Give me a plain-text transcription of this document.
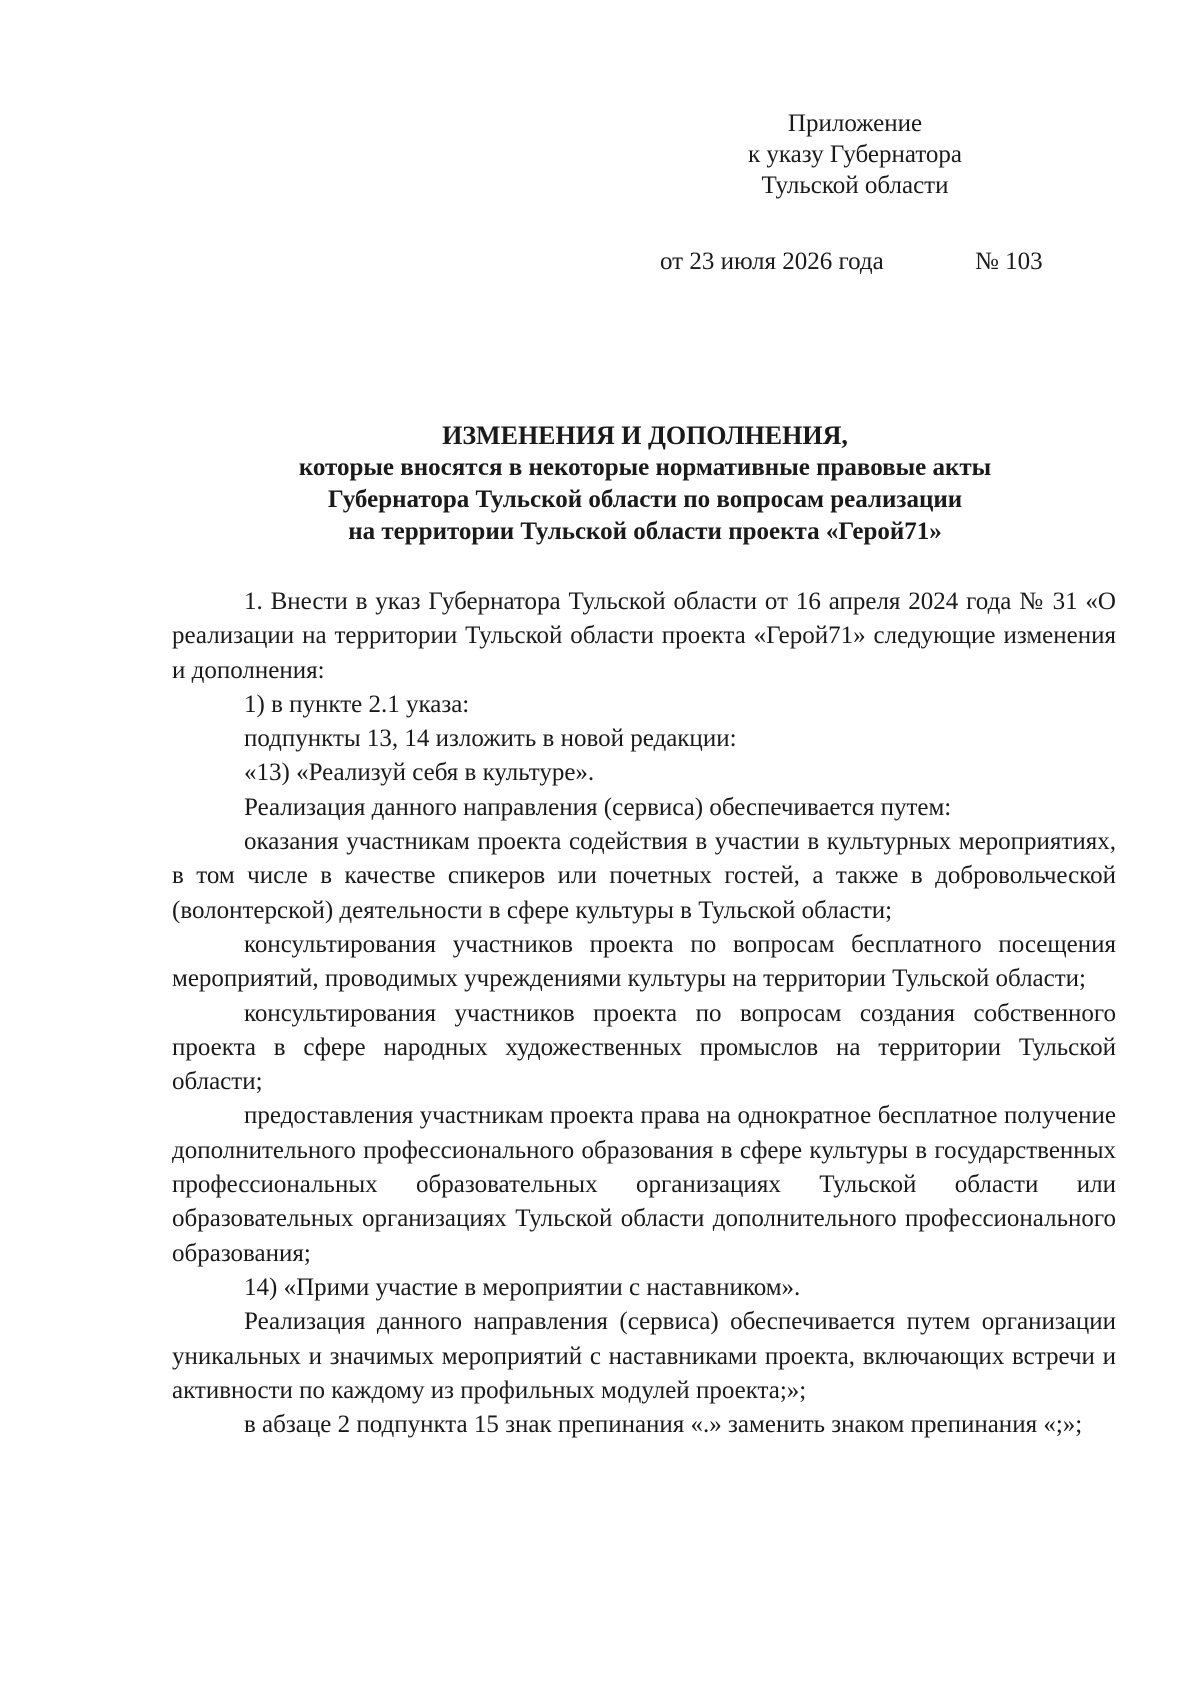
Приложение
к указу Губернатора
Тульской области
от 23 июля 2026 года	№ 103
ИЗМЕНЕНИЯ И ДОПОЛНЕНИЯ,
которые вносятся в некоторые нормативные правовые акты
Губернатора Тульской области по вопросам реализации
на территории Тульской области проекта «Герой71»

1. Внести в указ Губернатора Тульской области от 16 апреля 2024 года № 31 «О реализации на территории Тульской области проекта «Герой71» следующие изменения и дополнения:

1) в пункте 2.1 указа:

подпункты 13, 14 изложить в новой редакции:

«13) «Реализуй себя в культуре».

Реализация данного направления (сервиса) обеспечивается путем:

оказания участникам проекта содействия в участии в культурных мероприятиях, в том числе в качестве спикеров или почетных гостей, а также в добровольческой (волонтерской) деятельности в сфере культуры в Тульской области;

консультирования участников проекта по вопросам бесплатного посещения мероприятий, проводимых учреждениями культуры на территории Тульской области;

консультирования участников проекта по вопросам создания собственного проекта в сфере народных художественных промыслов на территории Тульской области;

предоставления участникам проекта права на однократное бесплатное получение дополнительного профессионального образования в сфере культуры в государственных профессиональных образовательных организациях Тульской области или образовательных организациях Тульской области дополнительного профессионального образования;

14) «Прими участие в мероприятии с наставником».

Реализация данного направления (сервиса) обеспечивается путем организации уникальных и значимых мероприятий с наставниками проекта, включающих встречи и активности по каждому из профильных модулей проекта;»;

в абзаце 2 подпункта 15 знак препинания «.» заменить знаком препинания «;»;
